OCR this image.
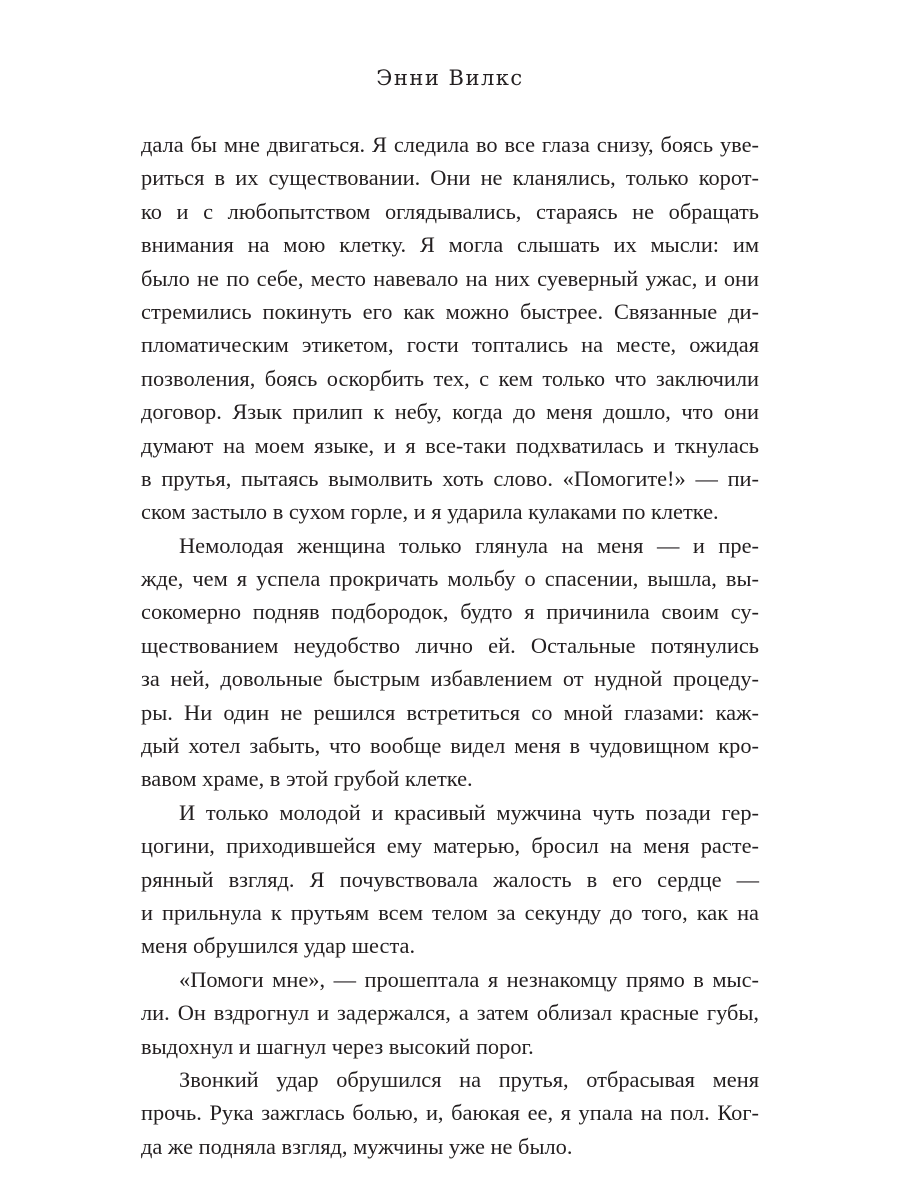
Энни Вилкс
дала бы мне двигаться. Я следила во все глаза снизу, боясь уве-
риться в их существовании. Они не кланялись, только корот-
ко и с любопытством оглядывались, стараясь не обращать
внимания на мою клетку. Я могла слышать их мысли: им
было не по себе, место навевало на них суеверный ужас, и они
стремились покинуть его как можно быстрее. Связанные ди-
пломатическим этикетом, гости топтались на месте, ожидая
позволения, боясь оскорбить тех, с кем только что заключили
договор. Язык прилип к небу, когда до меня дошло, что они
думают на моем языке, и я все-таки подхватилась и ткнулась
в прутья, пытаясь вымолвить хоть слово. «Помогите!» — пи-
ском застыло в сухом горле, и я ударила кулаками по клетке.
Немолодая женщина только глянула на меня — и пре-
жде, чем я успела прокричать мольбу о спасении, вышла, вы-
сокомерно подняв подбородок, будто я причинила своим су-
ществованием неудобство лично ей. Остальные потянулись
за ней, довольные быстрым избавлением от нудной процеду-
ры. Ни один не решился встретиться со мной глазами: каж-
дый хотел забыть, что вообще видел меня в чудовищном кро-
вавом храме, в этой грубой клетке.
И только молодой и красивый мужчина чуть позади гер-
цогини, приходившейся ему матерью, бросил на меня расте-
рянный взгляд. Я почувствовала жалость в его сердце —
и прильнула к прутьям всем телом за секунду до того, как на
меня обрушился удар шеста.
«Помоги мне», — прошептала я незнакомцу прямо в мыс-
ли. Он вздрогнул и задержался, а затем облизал красные губы,
выдохнул и шагнул через высокий порог.
Звонкий удар обрушился на прутья, отбрасывая меня
прочь. Рука зажглась болью, и, баюкая ее, я упала на пол. Ког-
да же подняла взгляд, мужчины уже не было.
